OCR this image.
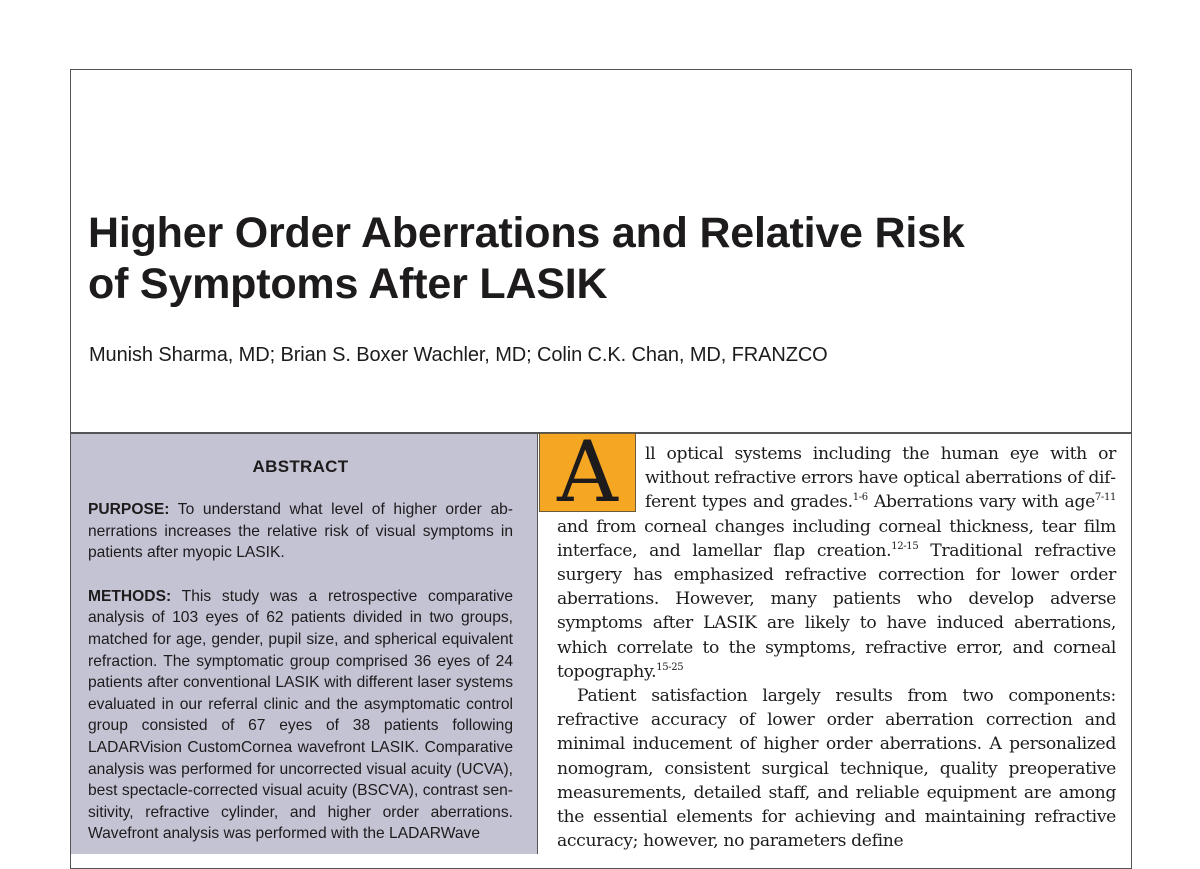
Higher Order Aberrations and Relative Risk
of Symptoms After LASIK
Munish Sharma, MD; Brian S. Boxer Wachler, MD; Colin C.K. Chan, MD, FRANZCO
ABSTRACT

PURPOSE: To understand what level of higher order abnerrations increases the relative risk of visual symptoms in patients after myopic LASIK.

METHODS: This study was a retrospective comparative analysis of 103 eyes of 62 patients divided in two groups, matched for age, gender, pupil size, and spherical equivalent refraction. The symptomatic group comprised 36 eyes of 24 patients after conventional LASIK with different laser systems evaluated in our referral clinic and the asymptomatic control group consisted of 67 eyes of 38 patients following LADARVision CustomCornea wavefront LASIK. Comparative analysis was performed for uncorrected visual acuity (UCVA), best spectacle-corrected visual acuity (BSCVA), contrast sensitivity, refractive cylinder, and higher order aberrations. Wavefront analysis was performed with the LADARWave

A	ll optical systems including the human eye with or without refractive errors have optical aberrations of different types and grades.$^{1-6}$ Aberrations vary with age$^{7-11}$ and from corneal changes including corneal thickness, tear film interface, and lamellar flap creation.$^{12-15}$ Traditional refractive surgery has emphasized refractive correction for lower order aberrations. However, many patients who develop adverse symptoms after LASIK are likely to have induced aberrations, which correlate to the symptoms, refractive error, and corneal topography.$^{15-25}$

Patient satisfaction largely results from two components: refractive accuracy of lower order aberration correction and minimal inducement of higher order aberrations. A personalized nomogram, consistent surgical technique, quality preoperative measurements, detailed staff, and reliable equipment are among the essential elements for achieving and maintaining refractive accuracy; however, no parameters define
